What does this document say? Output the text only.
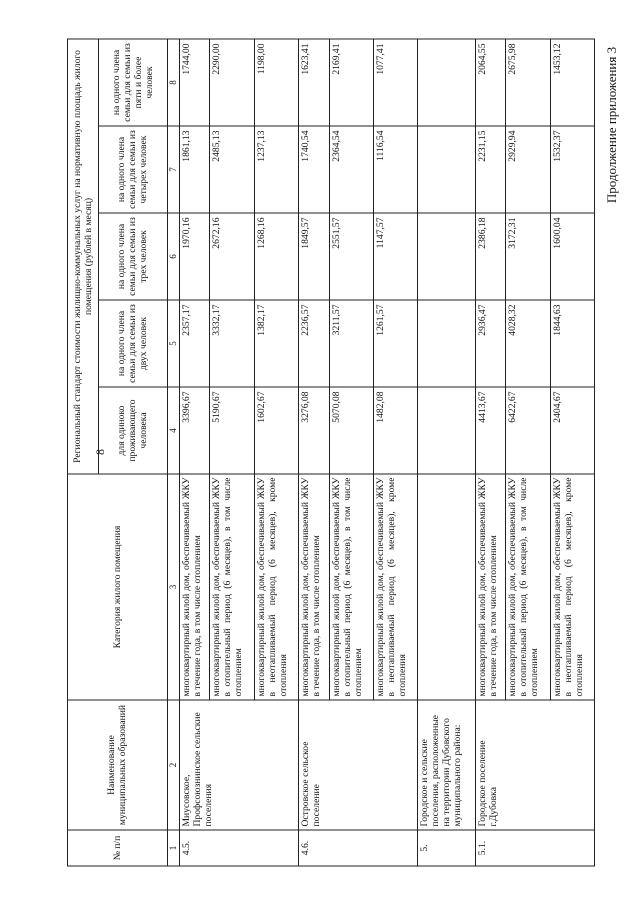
8
Продолжение приложения 3
№ п/п	Наименование муниципальных образований	Категория жилого помещения	Региональный стандарт стоимости жилищно-коммунальных услуг на нормативную площадь жилого помещения (рублей в месяц)				

			для одиноко проживающего человека	на одного члена семьи для семьи из двух человек	на одного члена семьи для семьи из трех человек	на одного члена семьи для семьи из четырех человек	на одного члена семьи для семьи из пяти и более человек
1	2	3	4	5	6	7	8
4.5.	Миусовское, Профсоюзнинское сельские поселения	многоквартирный жилой дом, обеспечиваемый ЖКУ в течение года, в том числе отоплением	3396,67	2357,17	1970,16	1861,13	1744,00
		многоквартирный жилой дом, обеспечиваемый ЖКУ в отопительный период (6 месяцев), в том числе отоплением	5190,67	3332,17	2672,16	2485,13	2290,00
		многоквартирный жилой дом, обеспечиваемый ЖКУ в неотапливаемый период (6 месяцев), кроме отопления	1602,67	1382,17	1268,16	1237,13	1198,00
4.6.	Островское сельское поселение	многоквартирный жилой дом, обеспечиваемый ЖКУ в течение года, в том числе отоплением	3276,08	2236,57	1849,57	1740,54	1623,41
		многоквартирный жилой дом, обеспечиваемый ЖКУ в отопительный период (6 месяцев), в том числе отоплением	5070,08	3211,57	2551,57	2364,54	2169,41
		многоквартирный жилой дом, обеспечиваемый ЖКУ в неотапливаемый период (6 месяцев), кроме отопления	1482,08	1261,57	1147,57	1116,54	1077,41
5.	Городское и сельские поселения, расположенные на территории Дубовского муниципального района:						
5.1.	Городское поселение г.Дубовка	многоквартирный жилой дом, обеспечиваемый ЖКУ в течение года, в том числе отоплением	4413,67	2936,47	2386,18	2231,15	2064,55
		многоквартирный жилой дом, обеспечиваемый ЖКУ в отопительный период (6 месяцев), в том числе отоплением	6422,67	4028,32	3172,31	2929,94	2675,98
		многоквартирный жилой дом, обеспечиваемый ЖКУ в неотапливаемый период (6 месяцев), кроме отопления	2404,67	1844,63	1600,04	1532,37	1453,12
